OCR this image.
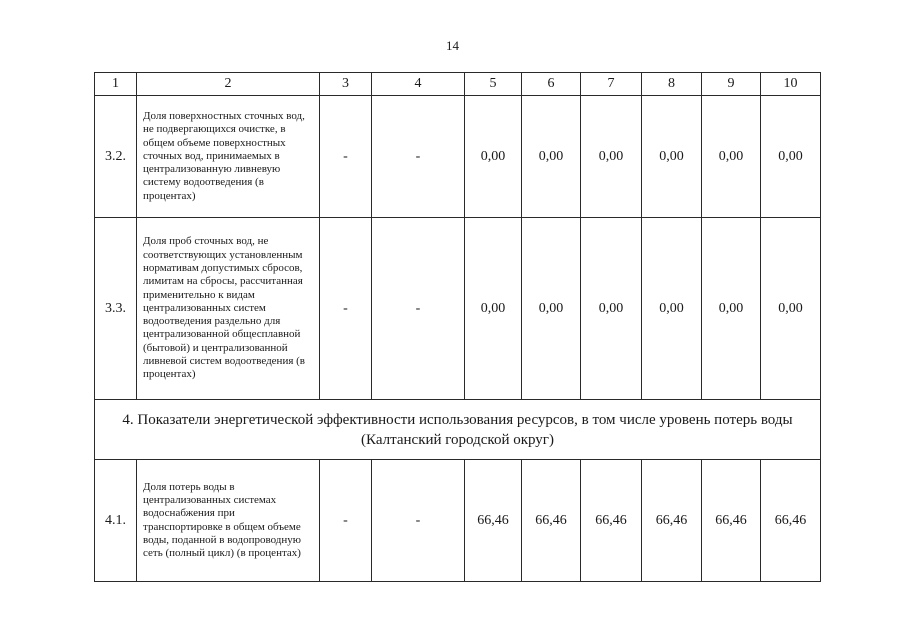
14
1	2	3	4	5	6	7	8	9	10
3.2.	Доля поверхностных сточных вод, не подвергающихся очистке, в общем объеме поверхностных сточных вод, принимаемых в централизованную ливневую систему водоотведения (в процентах)	-	-	0,00	0,00	0,00	0,00	0,00	0,00
3.3.	Доля проб сточных вод, не соответствующих установленным нормативам допустимых сбросов, лимитам на сбросы, рассчитанная применительно к видам централизованных систем водоотведения раздельно для централизованной общесплавной (бытовой) и централизованной ливневой систем водоотведения (в процентах)	-	-	0,00	0,00	0,00	0,00	0,00	0,00

4. Показатели энергетической эффективности использования ресурсов, в том числе уровень потерь воды
(Калтанский городской округ)									

4.1.	Доля потерь воды в централизованных системах водоснабжения при транспортировке в общем объеме воды, поданной в водопроводную сеть (полный цикл) (в процентах)	-	-	66,46	66,46	66,46	66,46	66,46	66,46
